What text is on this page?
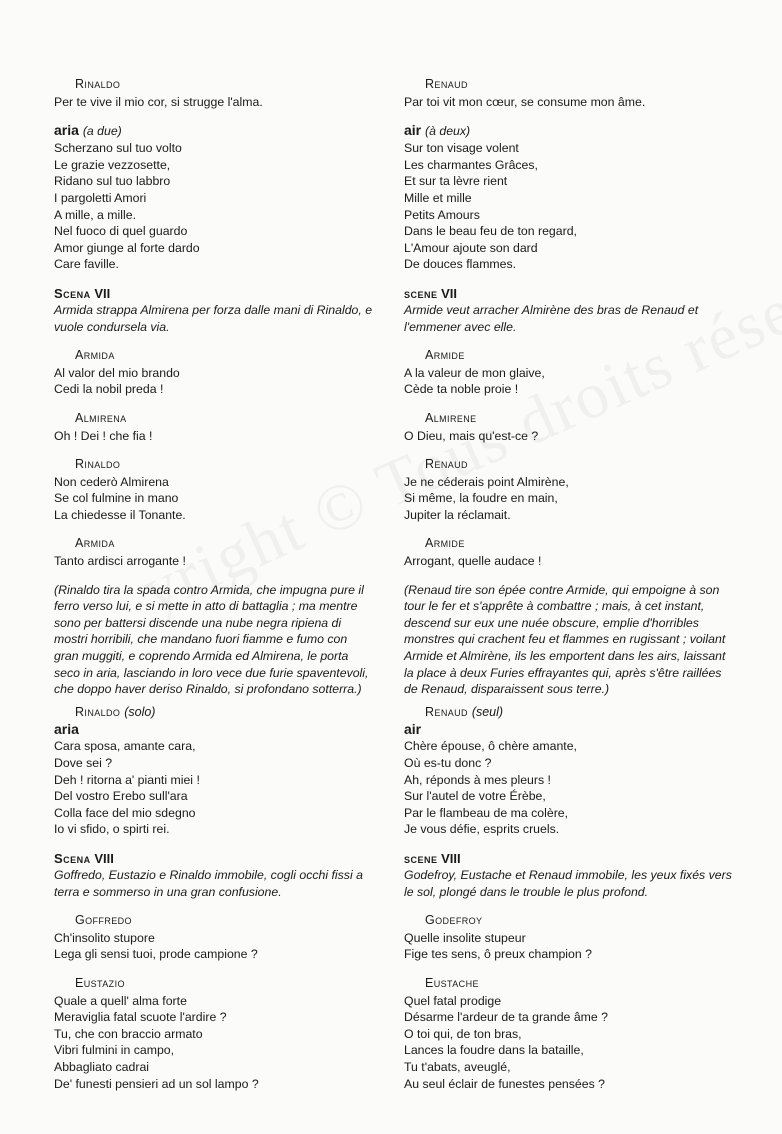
Rinaldo
Per te vive il mio cor, si strugge l'alma.
aria (a due)
Scherzano sul tuo volto
Le grazie vezzosette,
Ridano sul tuo labbro
I pargoletti Amori
A mille, a mille.
Nel fuoco di quel guardo
Amor giunge al forte dardo
Care faville.
Scena VII
Armida strappa Almirena per forza dalle mani di Rinaldo, e
vuole condursela via.
Armida
Al valor del mio brando
Cedi la nobil preda !
Almirena
Oh ! Dei ! che fia !
Rinaldo
Non cederò Almirena
Se col fulmine in mano
La chiedesse il Tonante.
Armida
Tanto ardisci arrogante !
(Rinaldo tira la spada contro Armida, che impugna pure il
ferro verso lui, e si mette in atto di battaglia ; ma mentre
sono per battersi discende una nube negra ripiena di
mostri horribili, che mandano fuori fiamme e fumo con
gran muggiti, e coprendo Armida ed Almirena, le porta
seco in aria, lasciando in loro vece due furie spaventevoli,
che doppo haver deriso Rinaldo, si profondano sotterra.)
Rinaldo (solo)
aria
Cara sposa, amante cara,
Dove sei ?
Deh ! ritorna a' pianti miei !
Del vostro Erebo sull'ara
Colla face del mio sdegno
Io vi sfido, o spirti rei.
Scena VIII
Goffredo, Eustazio e Rinaldo immobile, cogli occhi fissi a
terra e sommerso in una gran confusione.
Goffredo
Ch'insolito stupore
Lega gli sensi tuoi, prode campione ?
Eustazio
Quale a quell' alma forte
Meraviglia fatal scuote l'ardire ?
Tu, che con braccio armato
Vibri fulmini in campo,
Abbagliato cadrai
De' funesti pensieri ad un sol lampo ?
Renaud
Par toi vit mon cœur, se consume mon âme.
air (à deux)
Sur ton visage volent
Les charmantes Grâces,
Et sur ta lèvre rient
Mille et mille
Petits Amours
Dans le beau feu de ton regard,
L'Amour ajoute son dard
De douces flammes.
scene VII
Armide veut arracher Almirène des bras de Renaud et
l'emmener avec elle.
Armide
A la valeur de mon glaive,
Cède ta noble proie !
Almirene
O Dieu, mais qu'est-ce ?
Renaud
Je ne céderais point Almirène,
Si même, la foudre en main,
Jupiter la réclamait.
Armide
Arrogant, quelle audace !
(Renaud tire son épée contre Armide, qui empoigne à son
tour le fer et s'apprête à combattre ; mais, à cet instant,
descend sur eux une nuée obscure, emplie d'horribles
monstres qui crachent feu et flammes en rugissant ; voilant
Armide et Almirène, ils les emportent dans les airs, laissant
la place à deux Furies effrayantes qui, après s'être raillées
de Renaud, disparaissent sous terre.)
Renaud (seul)
air
Chère épouse, ô chère amante,
Où es-tu donc ?
Ah, réponds à mes pleurs !
Sur l'autel de votre Érèbe,
Par le flambeau de ma colère,
Je vous défie, esprits cruels.
scene VIII
Godefroy, Eustache et Renaud immobile, les yeux fixés vers
le sol, plongé dans le trouble le plus profond.
Godefroy
Quelle insolite stupeur
Fige tes sens, ô preux champion ?
Eustache
Quel fatal prodige
Désarme l'ardeur de ta grande âme ?
O toi qui, de ton bras,
Lances la foudre dans la bataille,
Tu t'abats, aveuglé,
Au seul éclair de funestes pensées ?
